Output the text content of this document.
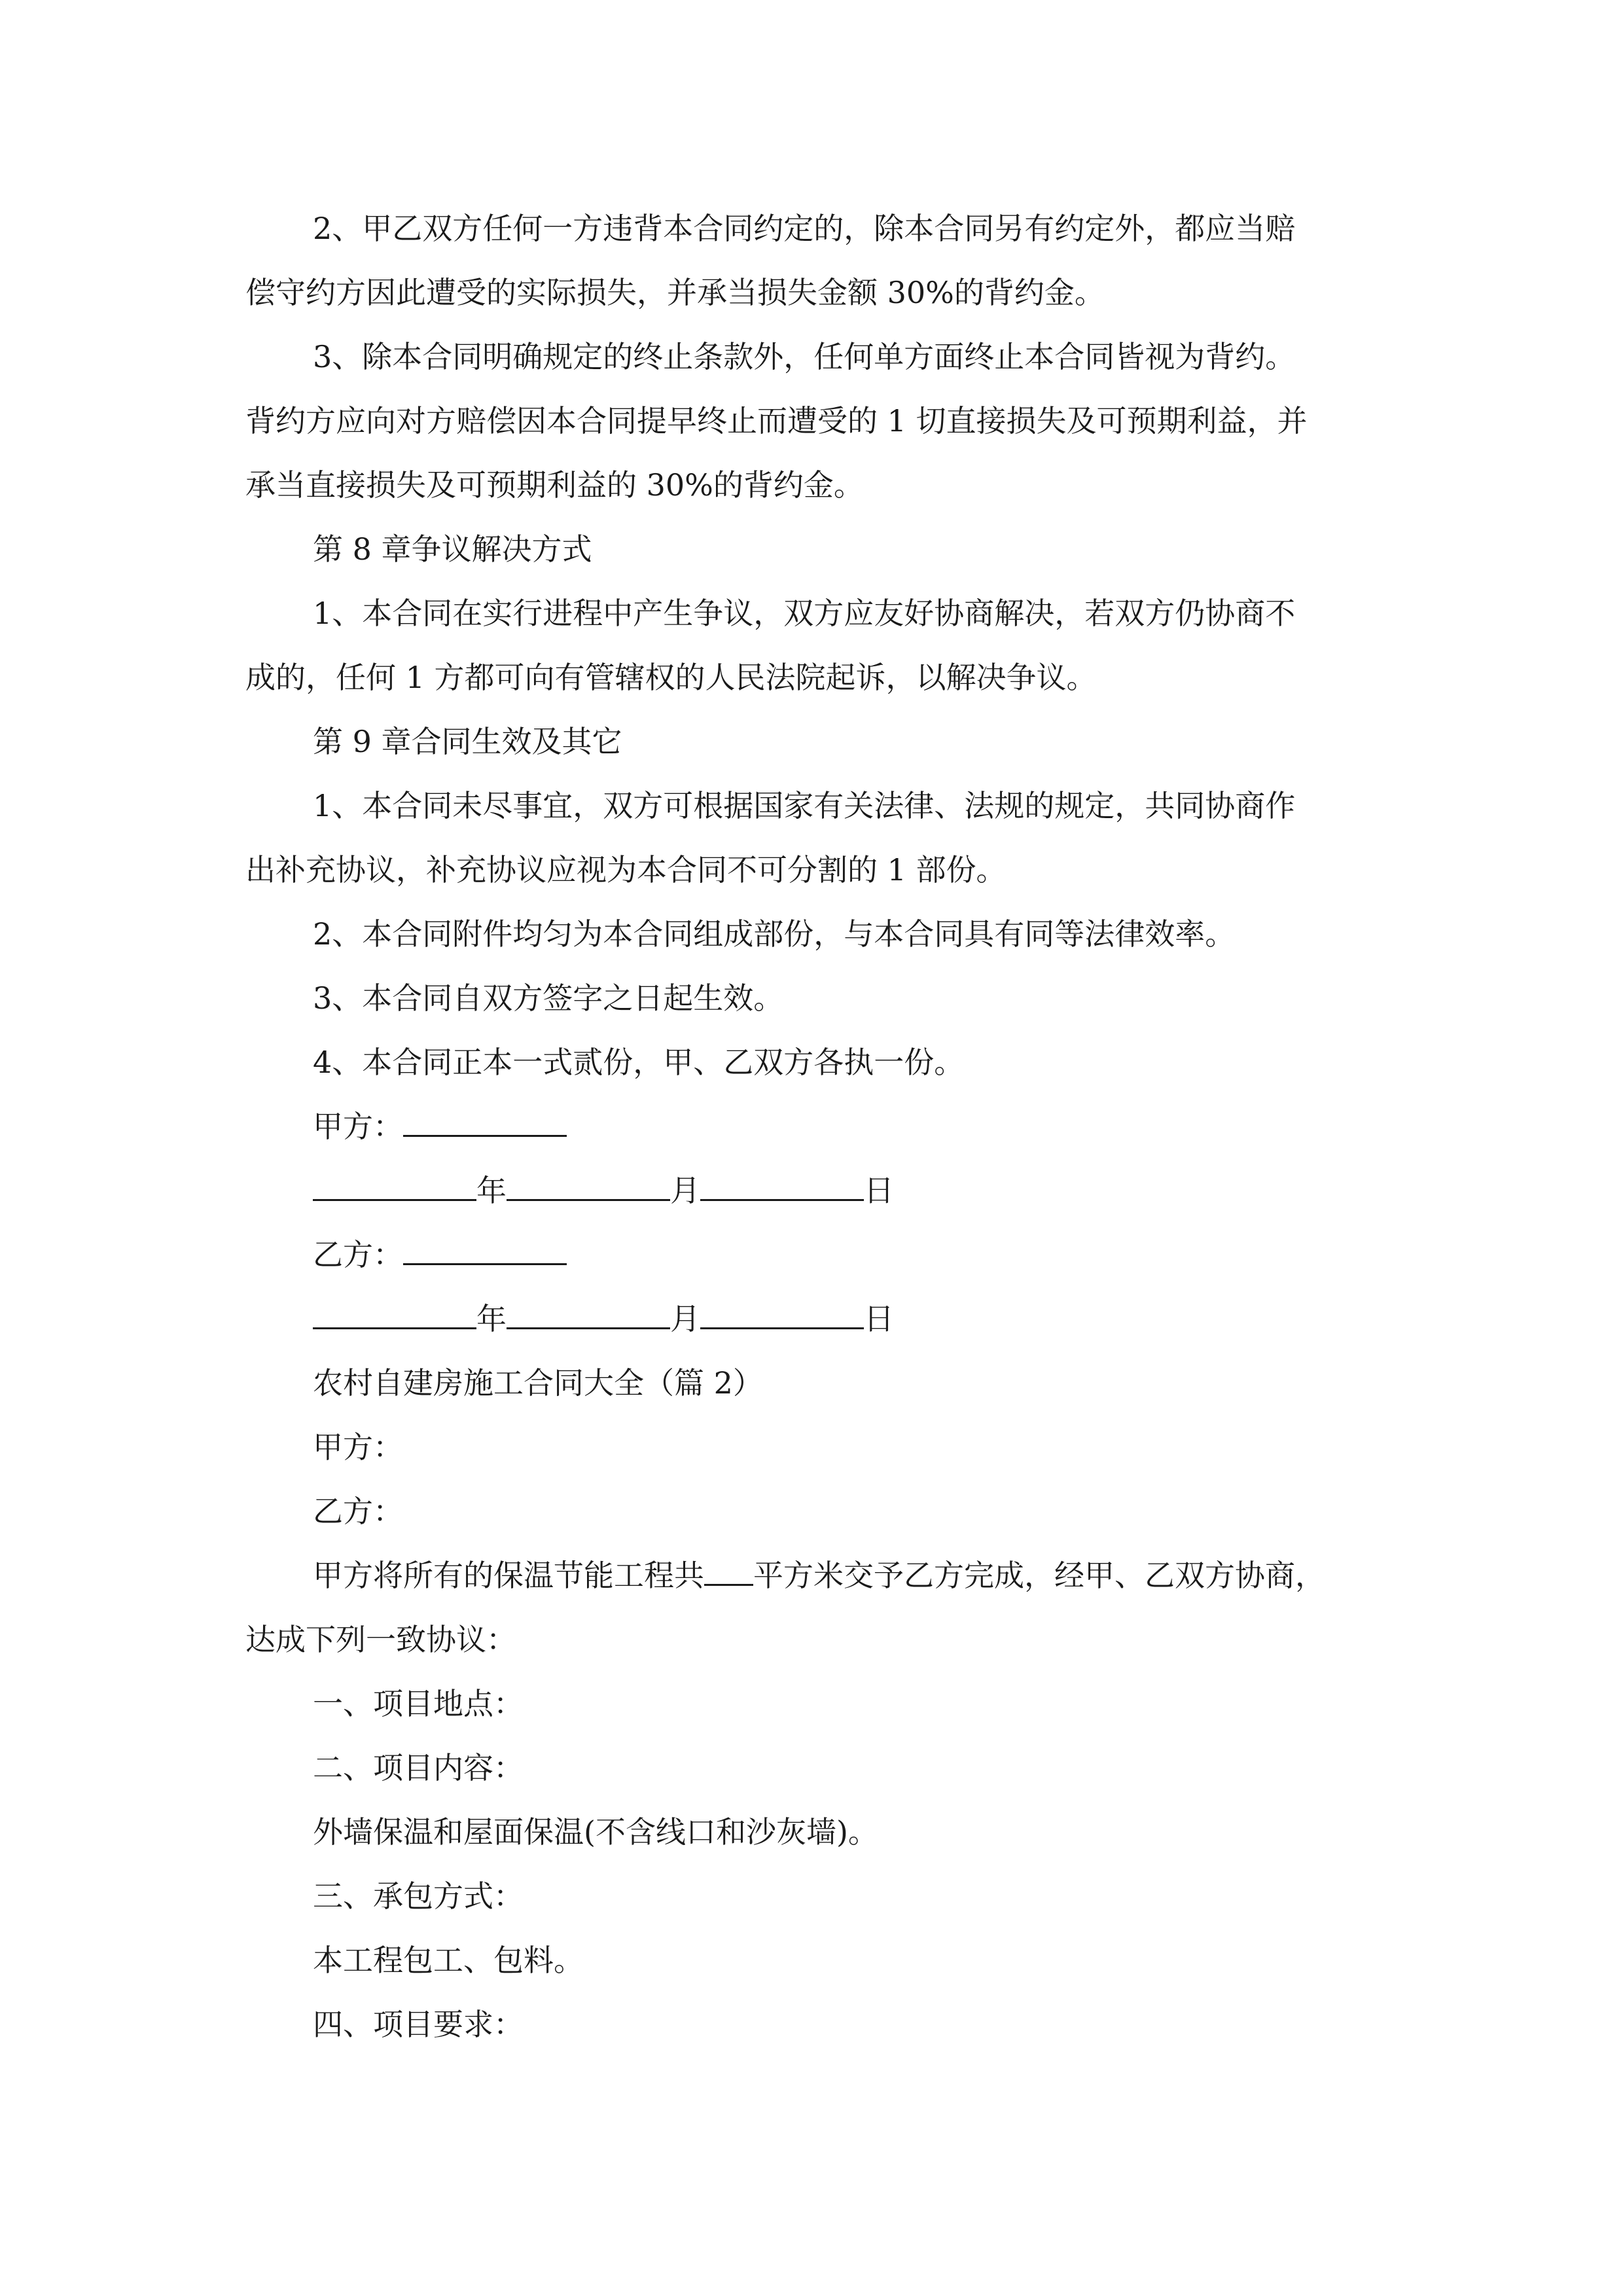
2、甲乙双方任何一方违背本合同约定的，除本合同另有约定外，都应当赔
偿守约方因此遭受的实际损失，并承当损失金额 30%的背约金。
3、除本合同明确规定的终止条款外，任何单方面终止本合同皆视为背约。
背约方应向对方赔偿因本合同提早终止而遭受的 1 切直接损失及可预期利益，并
承当直接损失及可预期利益的 30%的背约金。
第 8 章争议解决方式
1、本合同在实行进程中产生争议，双方应友好协商解决，若双方仍协商不
成的，任何 1 方都可向有管辖权的人民法院起诉，以解决争议。
第 9 章合同生效及其它
1、本合同未尽事宜，双方可根据国家有关法律、法规的规定，共同协商作
出补充协议，补充协议应视为本合同不可分割的 1 部份。
2、本合同附件均匀为本合同组成部份，与本合同具有同等法律效率。
3、本合同自双方签字之日起生效。
4、本合同正本一式贰份，甲、乙双方各执一份。
甲方：
年	月	日
乙方：
年	月	日
农村自建房施工合同大全（篇 2）
甲方：
乙方：
甲方将所有的保温节能工程共 平方米交予乙方完成，经甲、乙双方协商，
达成下列一致协议：
一、项目地点：
二、项目内容：
外墙保温和屋面保温(不含线口和沙灰墙)。
三、承包方式：
本工程包工、包料。
四、项目要求：
